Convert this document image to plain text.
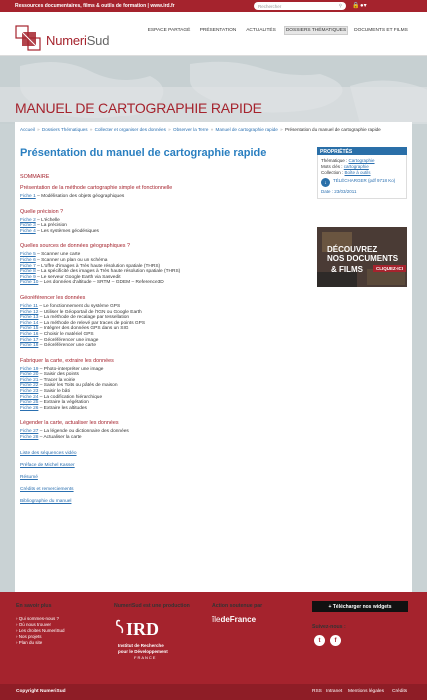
Ressources documentaires, films & outils de formation | www.ird.fr	Rechercher	⚲ 🔒 ●▾
NumeriSud
ESPACE PARTAGÉ	PRÉSENTATION	ACTUALITÉS	DOSSIERS THÉMATIQUES	DOCUMENTS ET FILMS
MANUEL DE CARTOGRAPHIE RAPIDE
Accueil » Dossiers Thématiques » Collecter et organiser des données » Observer la Terre » Manuel de cartographie rapide » Présentation du manuel de cartographie rapide
Présentation du manuel de cartographie rapide
SOMMAIRE
Présentation de la méthode cartographie simple et fonctionnelle
Fiche 1 – Modélisation des objets géographiques
Quelle précision ?
Fiche 2 – L'échelle
Fiche 3 – La précision
Fiche 4 – Les systèmes géodésiques
Quelles sources de données géographiques ?
Fiche 5 – Scanner une carte
Fiche 6 – Scanner un plan ou un schéma
Fiche 7 – L'offre d'images à Très haute résolution spatiale (THRS)
Fiche 8 – La spécificité des images à Très haute résolution spatiale (THRS)
Fiche 9 – Le serveur Google Earth via Sasvedit
Fiche 10 – Les données d'altitude – SRTM – GDEM – Reference3D
Géoréférencer les données
Fiche 11 – Le fonctionnement du système GPS
Fiche 12 – Utiliser le Géoportail de l'IGN ou Google Earth
Fiche 13 – La méthode de recalage par tessellation
Fiche 14 – La méthode de relevé par traces de points GPS
Fiche 15 – Intégrer des données GPS dans un SIG
Fiche 16 – Choisir le matériel GPS
Fiche 17 – Géoréférencer une image
Fiche 18 – Géoréférencer une carte
Fabriquer la carte, extraire les données
Fiche 19 – Photo-interpréter une image
Fiche 20 – Saisir des points
Fiche 21 – Tracer la voirie
Fiche 22 – Saisir les Toits ou pâtés de maison
Fiche 23 – Saisir le bâti
Fiche 24 – La codification hiérarchique
Fiche 25 – Extraire la végétation
Fiche 26 – Extraire les altitudes
Légender la carte, actualiser les données
Fiche 27 – La légende ou dictionnaire des données
Fiche 28 – Actualiser la carte
Liste des séquences vidéo
Préface de Michel Kasser
Résumé
Crédits et remerciements
Bibliographie du manuel
PROPRIÉTÉS
Thématique : Cartographie
Mots clés : cartographie
Collection : Boîte à outils
↓	TÉLÉCHARGER (pdf 9718 Ko)
Date : 23/03/2011
DÉCOUVREZ
NOS DOCUMENTS
& FILMS	CLIQUEZ-ICI
En savoir plus
› Qui sommes-nous ?
› Où nous trouver
› Les droites NumeriSud
› Nos projets
› Plan du site
NumeriSud est une production
IRD
Institut de Recherche
pour le Développement
FRANCE
Action soutenue par
îledeFrance
+ Télécharger nos widgets
Suivez-nous :
t	f
Copyright NumeriSud	RSS Intranet Mentions légales Crédits
